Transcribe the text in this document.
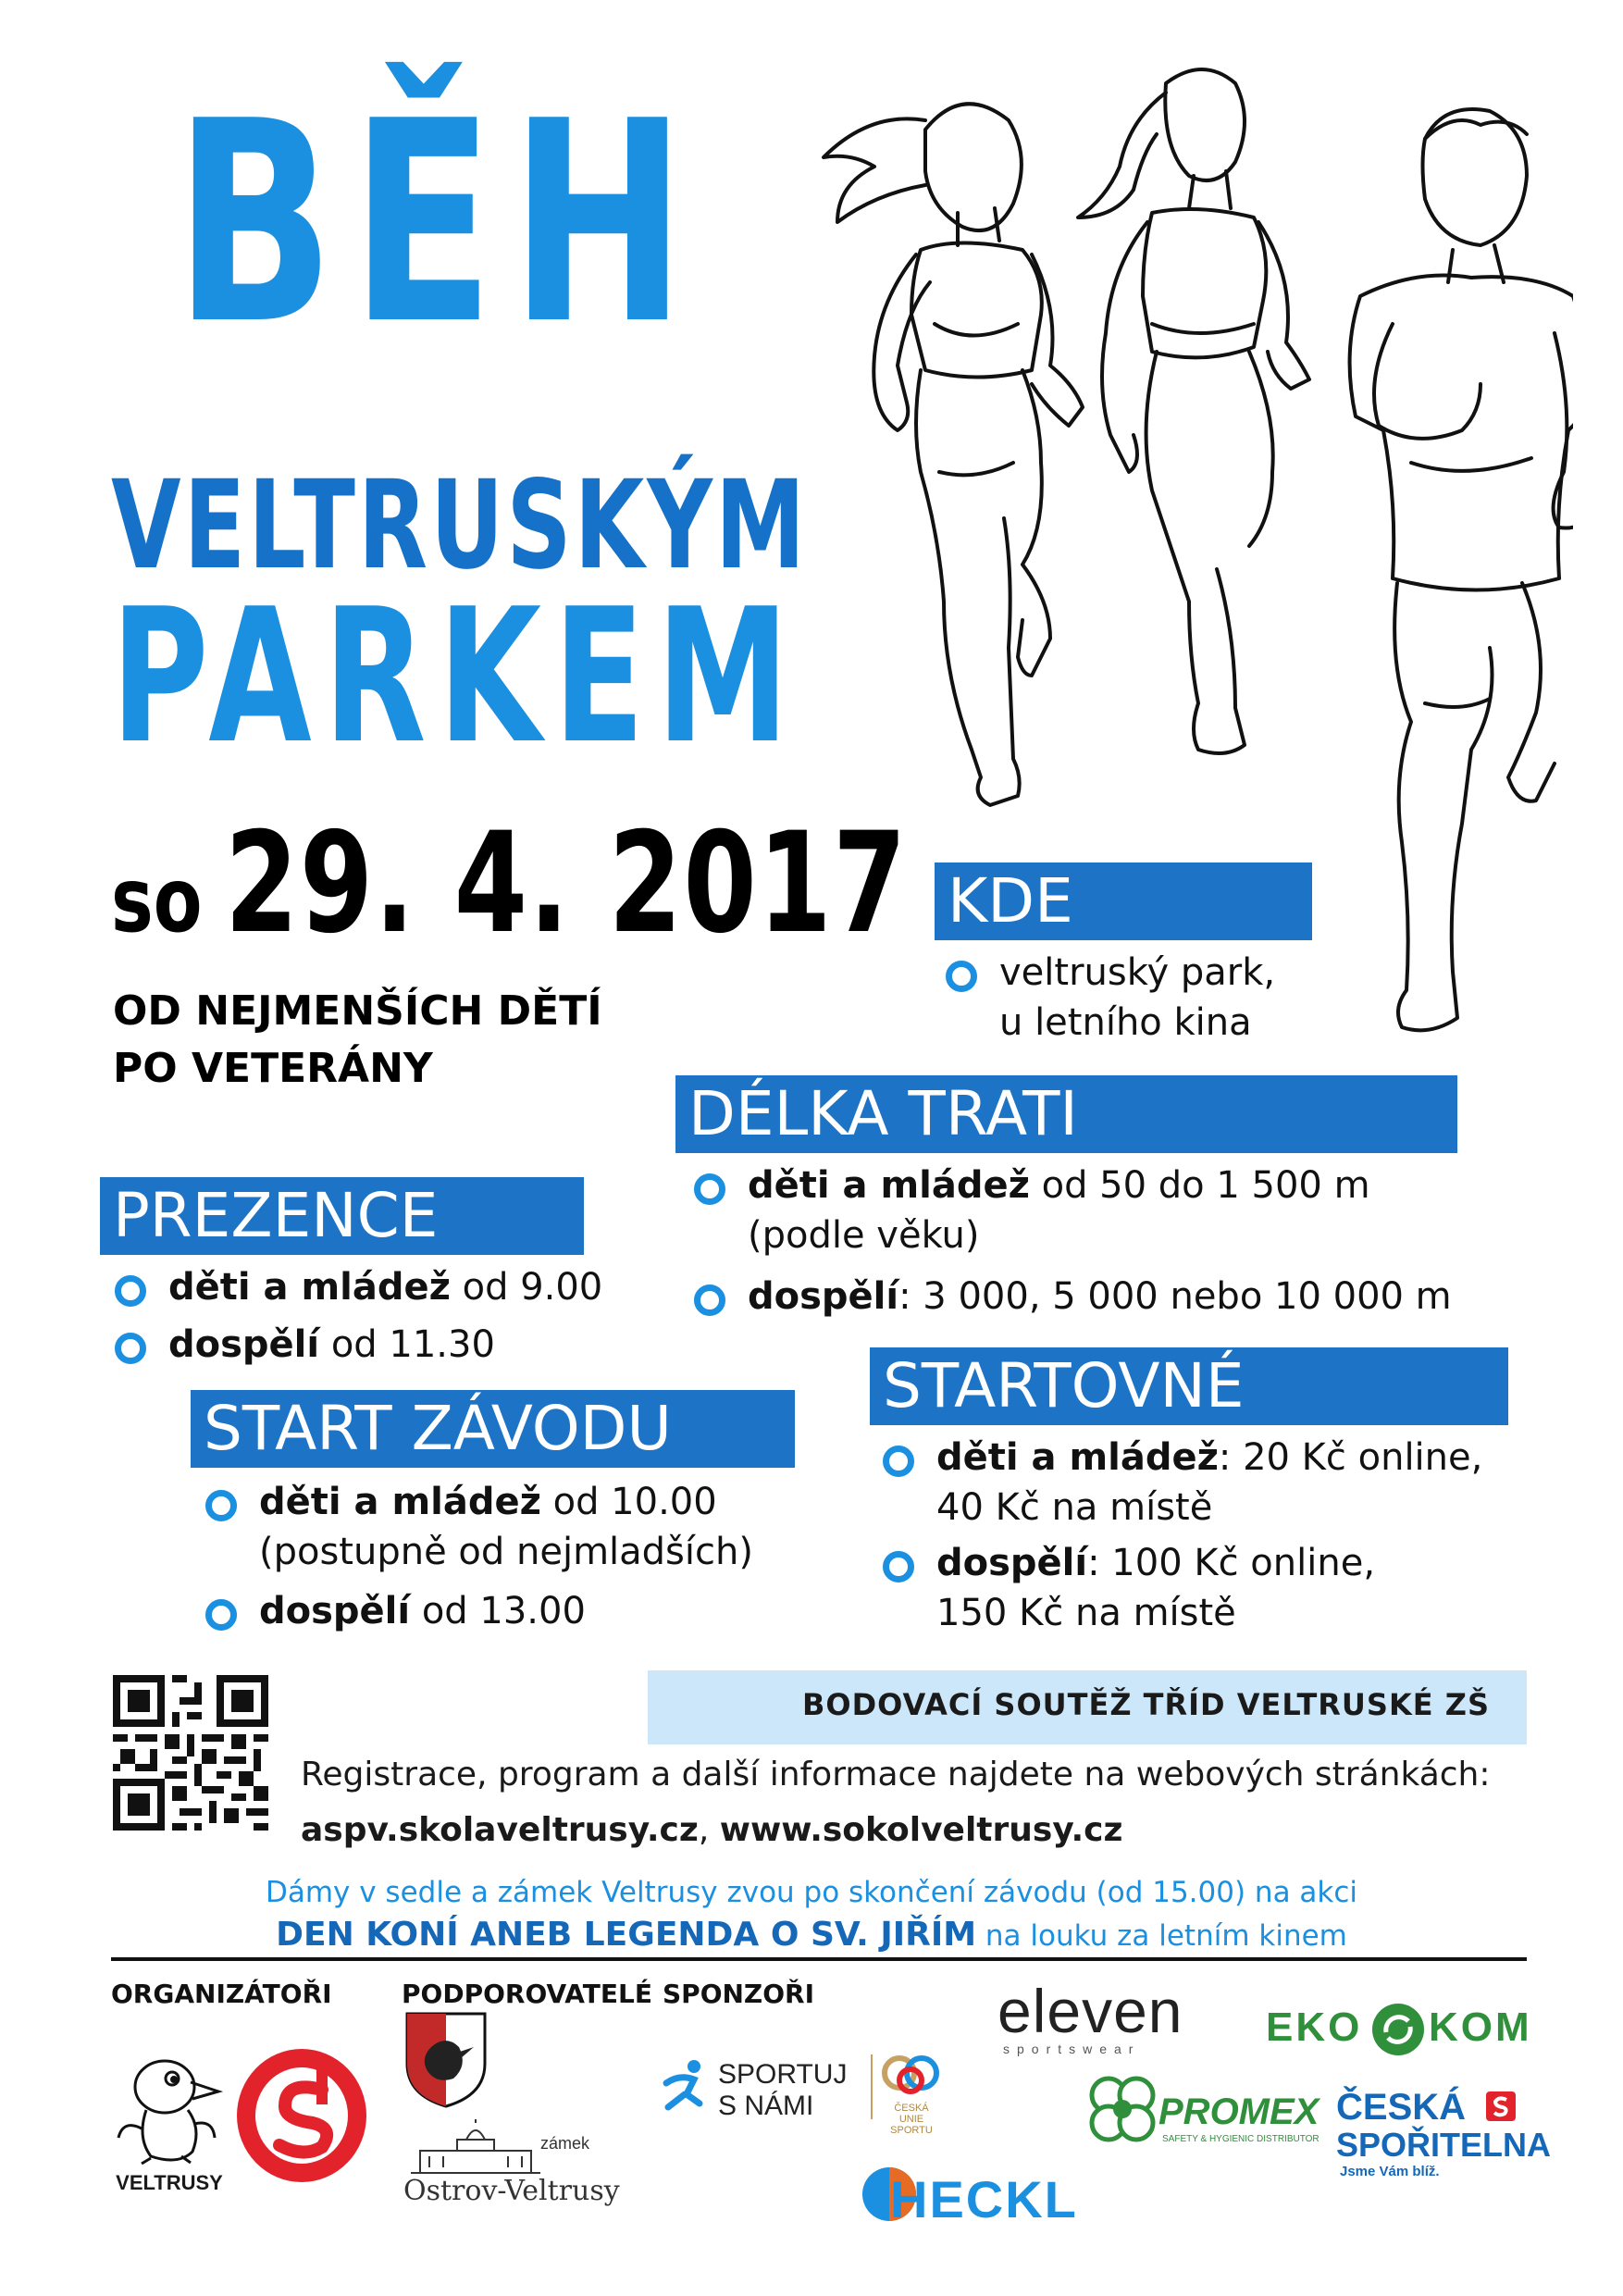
BĚH
VELTRUSKÝM
PARKEM
so 29. 4. 2017
OD NEJMENŠÍCH DĚTÍ
PO VETERÁNY
KDE
veltruský park,
u letního kina
DÉLKA TRATI
děti a mládež od 50 do 1 500 m
(podle věku)
dospělí: 3 000, 5 000 nebo 10 000 m
PREZENCE
děti a mládež od 9.00
dospělí od 11.30
STARTOVNÉ
děti a mládež: 20 Kč online,
40 Kč na místě
dospělí: 100 Kč online,
150 Kč na místě
START ZÁVODU
děti a mládež od 10.00
(postupně od nejmladších)
dospělí od 13.00
BODOVACÍ SOUTĚŽ TŘÍD VELTRUSKÉ ZŠ
Registrace, program a další informace najdete na webových stránkách:
aspv.skolaveltrusy.cz, www.sokolveltrusy.cz
Dámy v sedle a zámek Veltrusy zvou po skončení závodu (od 15.00) na akci
DEN KONÍ ANEB LEGENDA O SV. JIŘÍM na louku za letním kinem
ORGANIZÁTOŘI	PODPOROVATELÉ SPONZOŘI
VELTRUSY
zámek
Ostrov-Veltrusy
SPORTUJ
S NÁMI	ČESKÁ
UNIE SPORTU
HECKL
eleven
sportswear
PROMEX
SAFETY & HYGIENIC DISTRIBUTOR
EKO KOM
ČESKÁ
SPOŘITELNA
Jsme Vám blíž.
